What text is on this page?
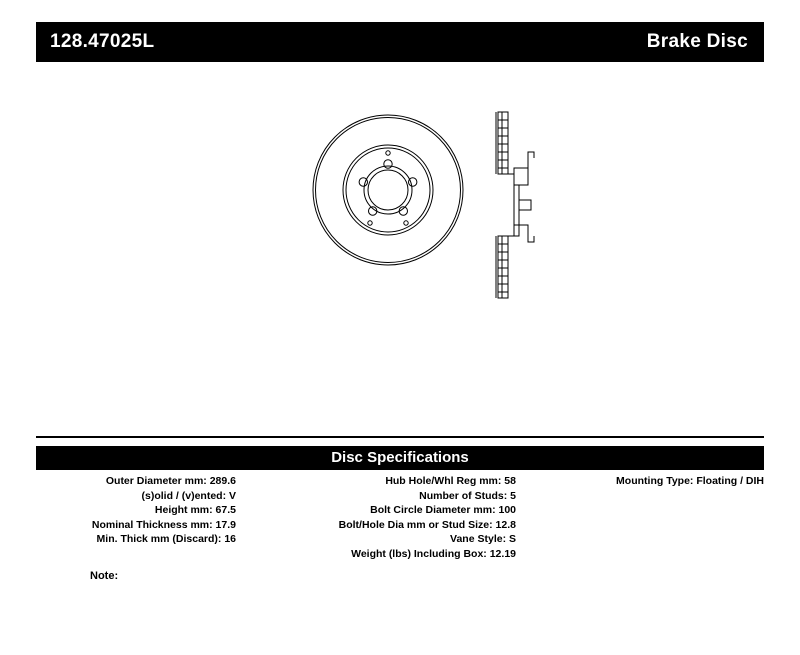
128.47025L	Brake Disc
Disc Specifications
Outer Diameter mm: 289.6
(s)olid / (v)ented: V
Height mm: 67.5
Nominal Thickness mm: 17.9
Min. Thick mm (Discard): 16
Hub Hole/Whl Reg mm: 58
Number of Studs: 5
Bolt Circle Diameter mm: 100
Bolt/Hole Dia mm or Stud Size: 12.8
Vane Style: S
Weight (lbs) Including Box: 12.19
Mounting Type: Floating / DIH
Note:
